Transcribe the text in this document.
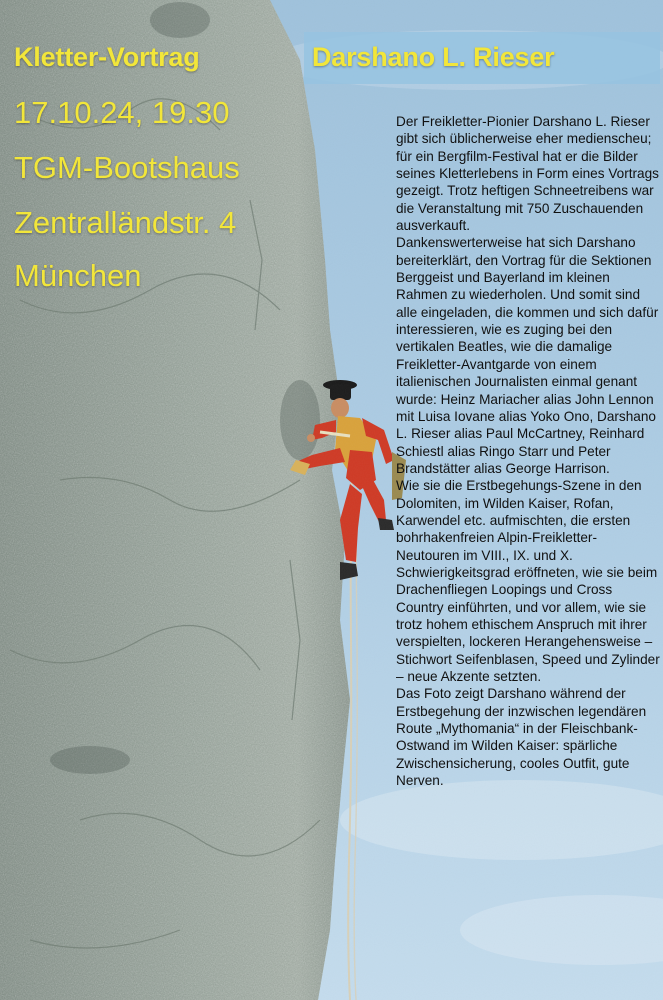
Kletter-Vortrag	Darshano L. Rieser
17.10.24, 19.30
TGM-Bootshaus
Zentralländstr. 4
München

Der Freikletter-Pionier Darshano L. Rieser gibt sich üblicherweise eher medienscheu; für ein Bergfilm-Festival hat er die Bilder seines Kletterlebens in Form eines Vortrags gezeigt. Trotz heftigen Schneetreibens war die Veranstaltung mit 750 Zuschauenden ausverkauft.

Dankenswerterweise hat sich Darshano bereiterklärt, den Vortrag für die Sektionen Berggeist und Bayerland im kleinen Rahmen zu wiederholen. Und somit sind alle eingeladen, die kommen und sich dafür interessieren, wie es zuging bei den vertikalen Beatles, wie die damalige Freikletter-Avantgarde von einem italienischen Journalisten einmal genant wurde: Heinz Mariacher alias John Lennon mit Luisa Iovane alias Yoko Ono, Darshano L. Rieser alias Paul McCartney, Reinhard Schiestl alias Ringo Starr und Peter Brandstätter alias George Harrison.

Wie sie die Erstbegehungs-Szene in den Dolomiten, im Wilden Kaiser, Rofan, Karwendel etc. aufmischten, die ersten bohrhakenfreien Alpin-Freikletter-Neutouren im VIII., IX. und X. Schwierigkeitsgrad eröffneten, wie sie beim Drachenfliegen Loopings und Cross Country einführten, und vor allem, wie sie trotz hohem ethischem Anspruch mit ihrer verspielten, lockeren Herangehensweise – Stichwort Seifenblasen, Speed und Zylinder – neue Akzente setzten.

Das Foto zeigt Darshano während der Erstbegehung der inzwischen legendären Route „Mythomania“ in der Fleischbank-Ostwand im Wilden Kaiser: spärliche Zwischensicherung, cooles Outfit, gute Nerven.
